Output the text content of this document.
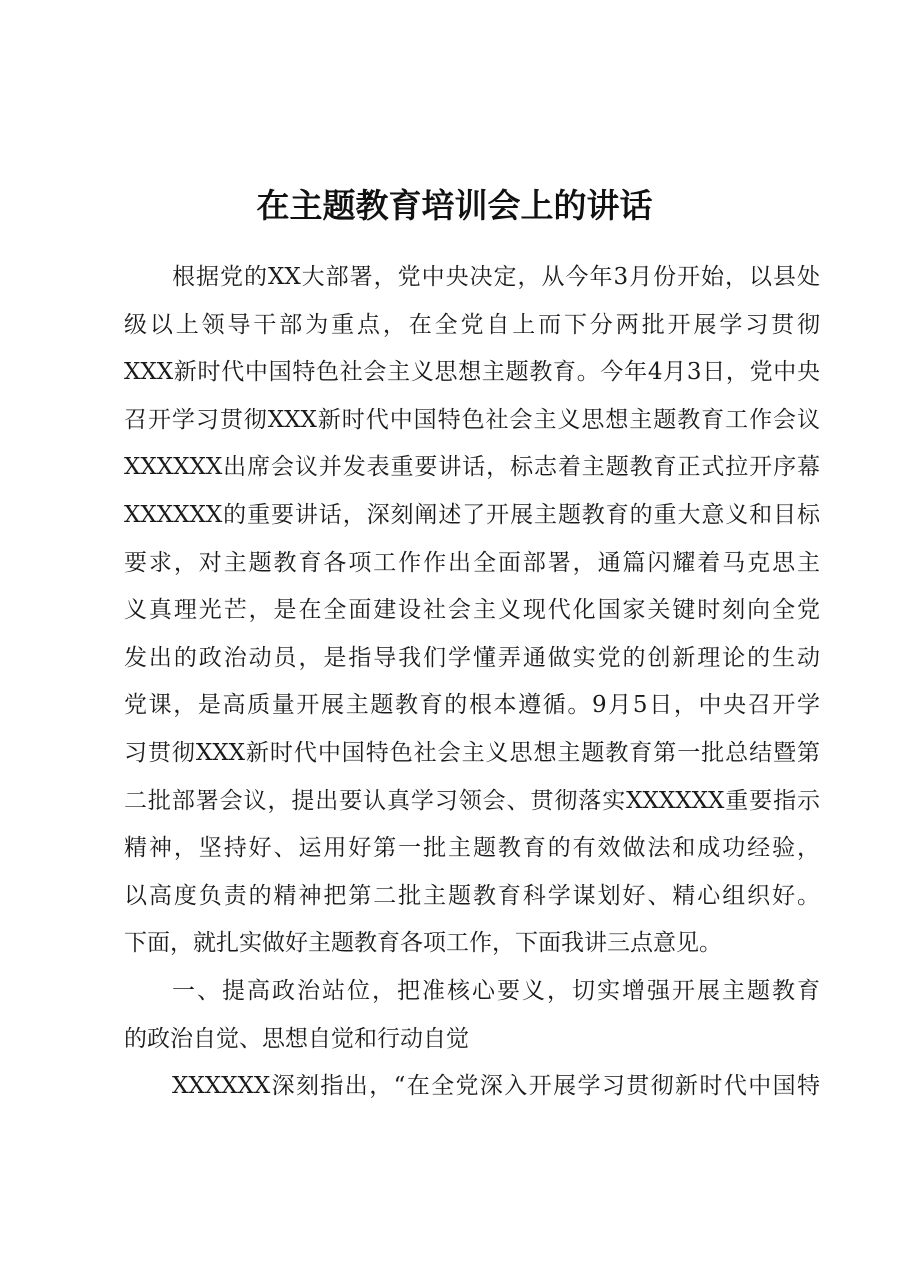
在主题教育培训会上的讲话
根据党的XX大部署，党中央决定，从今年3月份开始，以县处
级以上领导干部为重点，在全党自上而下分两批开展学习贯彻
XXX新时代中国特色社会主义思想主题教育。今年4月3日，党中央
召开学习贯彻XXX新时代中国特色社会主义思想主题教育工作会议
XXXXXX出席会议并发表重要讲话，标志着主题教育正式拉开序幕
XXXXXX的重要讲话，深刻阐述了开展主题教育的重大意义和目标
要求，对主题教育各项工作作出全面部署，通篇闪耀着马克思主
义真理光芒，是在全面建设社会主义现代化国家关键时刻向全党
发出的政治动员，是指导我们学懂弄通做实党的创新理论的生动
党课，是高质量开展主题教育的根本遵循。9月5日，中央召开学
习贯彻XXX新时代中国特色社会主义思想主题教育第一批总结暨第
二批部署会议，提出要认真学习领会、贯彻落实XXXXXX重要指示
精神，坚持好、运用好第一批主题教育的有效做法和成功经验，
以高度负责的精神把第二批主题教育科学谋划好、精心组织好。
下面，就扎实做好主题教育各项工作，下面我讲三点意见。
一、提高政治站位，把准核心要义，切实增强开展主题教育
的政治自觉、思想自觉和行动自觉
XXXXXX深刻指出，“在全党深入开展学习贯彻新时代中国特
